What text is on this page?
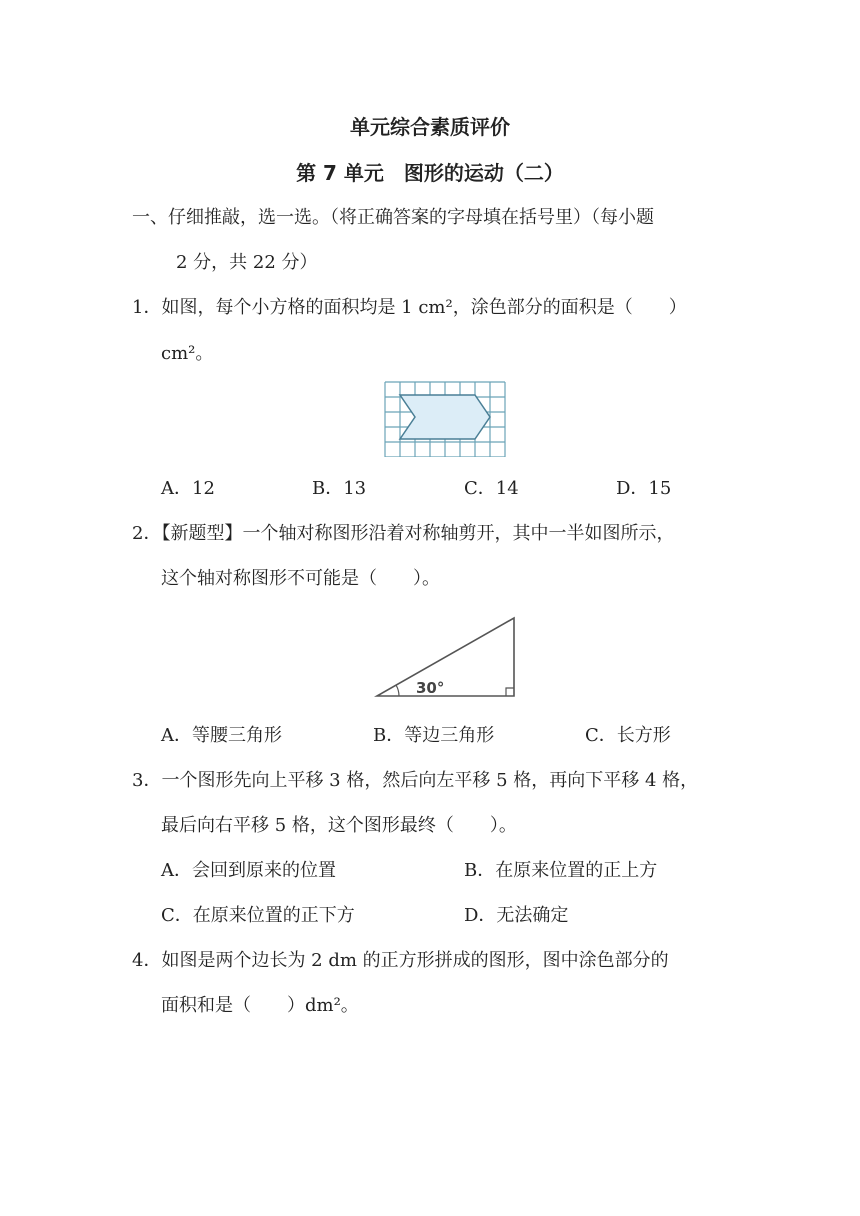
单元综合素质评价
第 7 单元　图形的运动（二）
一、仔细推敲，选一选。（将正确答案的字母填在括号里）（每小题
2 分，共 22 分）
1．如图，每个小方格的面积均是 1 cm²，涂色部分的面积是（　　）
cm²。
A．12	B．13	C．14	D．15
2．【新题型】一个轴对称图形沿着对称轴剪开，其中一半如图所示，
这个轴对称图形不可能是（　　）。
30°
A．等腰三角形	B．等边三角形	C．长方形
3．一个图形先向上平移 3 格，然后向左平移 5 格，再向下平移 4 格，
最后向右平移 5 格，这个图形最终（　　）。
A．会回到原来的位置	B．在原来位置的正上方
C．在原来位置的正下方	D．无法确定
4．如图是两个边长为 2 dm 的正方形拼成的图形，图中涂色部分的
面积和是（　　）dm²。
